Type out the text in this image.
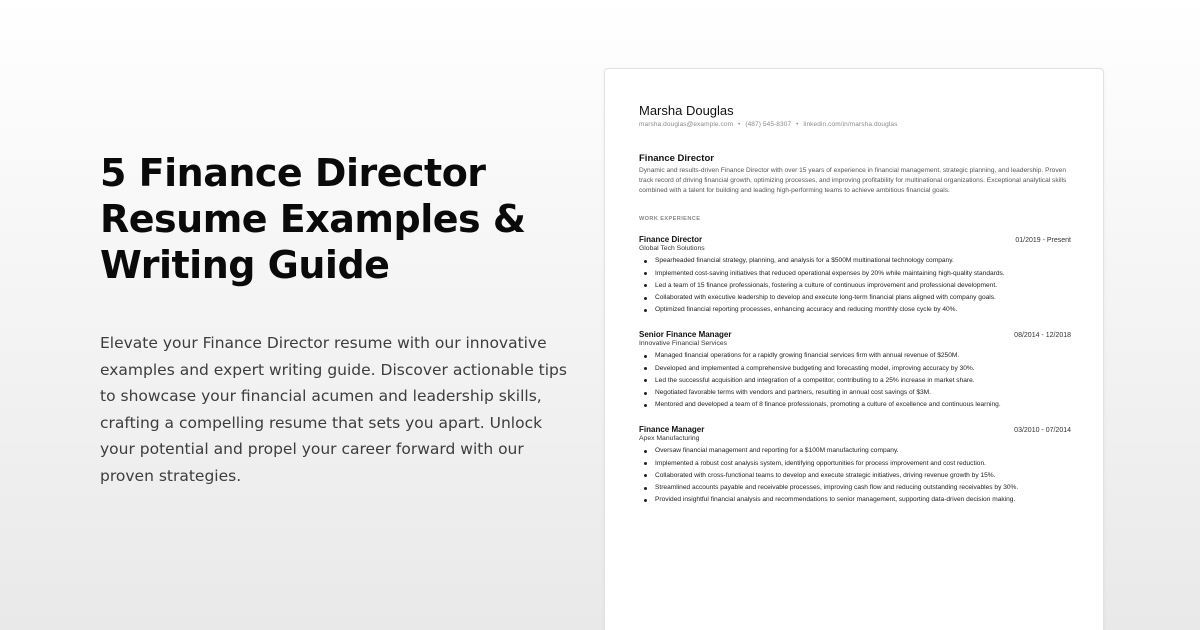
5 Finance Director
Resume Examples &
Writing Guide

Elevate your Finance Director resume with our innovative
examples and expert writing guide. Discover actionable tips
to showcase your financial acumen and leadership skills,
crafting a compelling resume that sets you apart. Unlock
your potential and propel your career forward with our
proven strategies.

Marsha Douglas
marsha.douglas@example.com • (487) 545-8307 • linkedin.com/in/marsha.douglas
Finance Director
Dynamic and results-driven Finance Director with over 15 years of experience in financial management, strategic planning, and leadership. Proven track record of driving financial growth, optimizing processes, and improving profitability for multinational organizations. Exceptional analytical skills combined with a talent for building and leading high-performing teams to achieve ambitious financial goals.
WORK EXPERIENCE
Finance Director	01/2019 - Present
Global Tech Solutions
Spearheaded financial strategy, planning, and analysis for a $500M multinational technology company.
Implemented cost-saving initiatives that reduced operational expenses by 20% while maintaining high-quality standards.
Led a team of 15 finance professionals, fostering a culture of continuous improvement and professional development.
Collaborated with executive leadership to develop and execute long-term financial plans aligned with company goals.
Optimized financial reporting processes, enhancing accuracy and reducing monthly close cycle by 40%.
Senior Finance Manager	08/2014 - 12/2018
Innovative Financial Services
Managed financial operations for a rapidly growing financial services firm with annual revenue of $250M.
Developed and implemented a comprehensive budgeting and forecasting model, improving accuracy by 30%.
Led the successful acquisition and integration of a competitor, contributing to a 25% increase in market share.
Negotiated favorable terms with vendors and partners, resulting in annual cost savings of $3M.
Mentored and developed a team of 8 finance professionals, promoting a culture of excellence and continuous learning.
Finance Manager	03/2010 - 07/2014
Apex Manufacturing
Oversaw financial management and reporting for a $100M manufacturing company.
Implemented a robust cost analysis system, identifying opportunities for process improvement and cost reduction.
Collaborated with cross-functional teams to develop and execute strategic initiatives, driving revenue growth by 15%.
Streamlined accounts payable and receivable processes, improving cash flow and reducing outstanding receivables by 30%.
Provided insightful financial analysis and recommendations to senior management, supporting data-driven decision making.
